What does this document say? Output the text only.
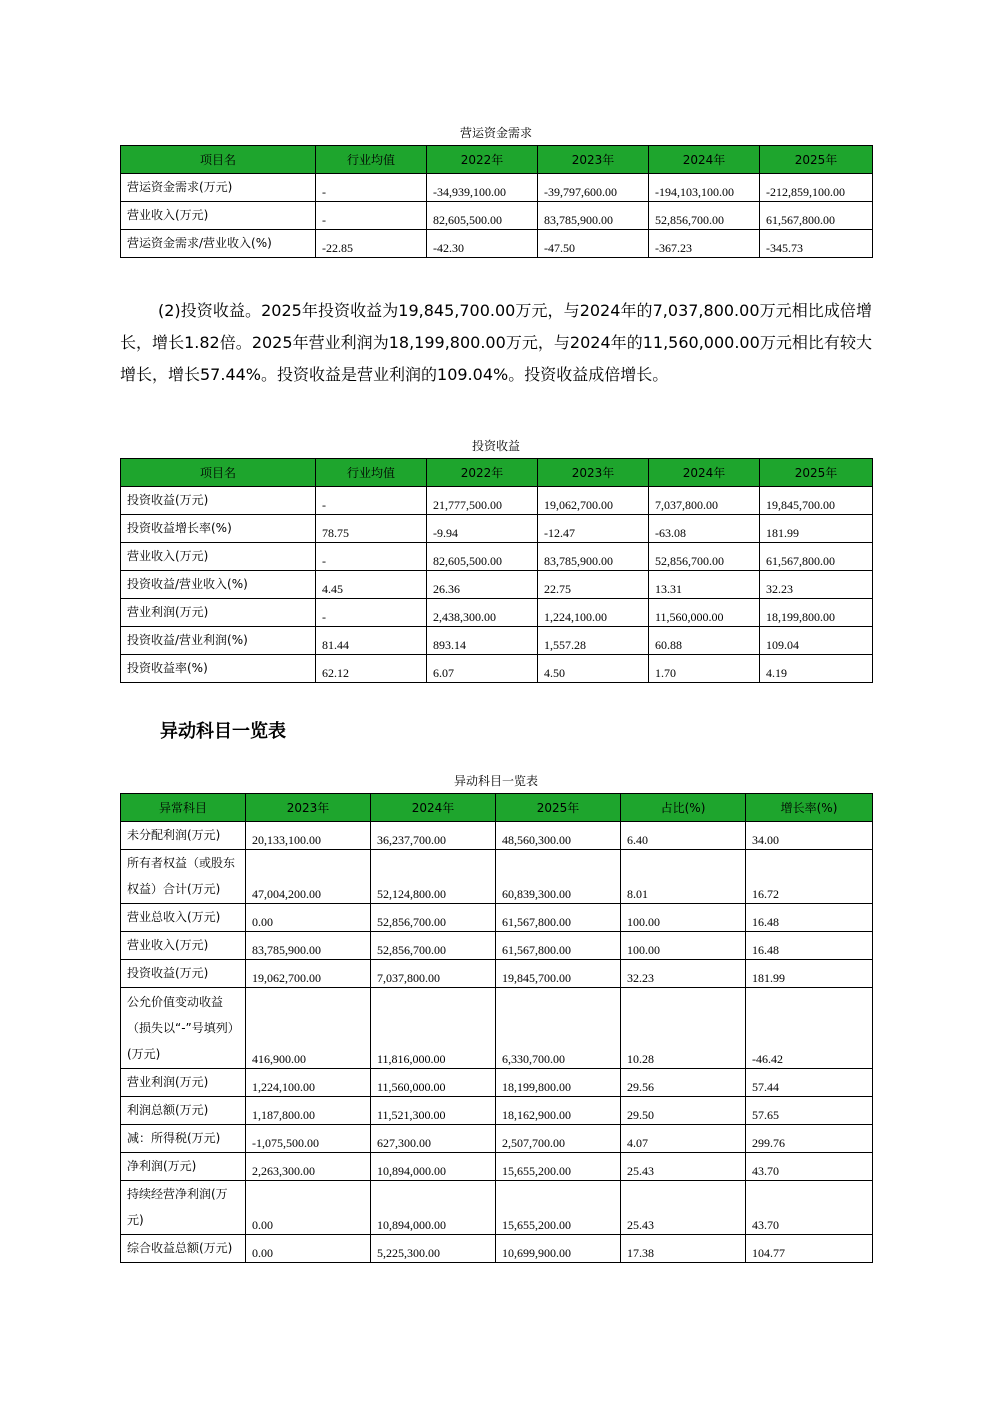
营运资金需求
项目名	行业均值	2022年	2023年	2024年	2025年
营运资金需求(万元)	-	-34,939,100.00	-39,797,600.00	-194,103,100.00	-212,859,100.00
营业收入(万元)	-	82,605,500.00	83,785,900.00	52,856,700.00	61,567,800.00
营运资金需求/营业收入(%)	-22.85	-42.30	-47.50	-367.23	-345.73
(2)投资收益。2025年投资收益为19,845,700.00万元，与2024年的7,037,800.00万元相比成倍增长，增长1.82倍。2025年营业利润为18,199,800.00万元，与2024年的11,560,000.00万元相比有较大增长，增长57.44%。投资收益是营业利润的109.04%。投资收益成倍增长。
投资收益
项目名	行业均值	2022年	2023年	2024年	2025年
投资收益(万元)	-	21,777,500.00	19,062,700.00	7,037,800.00	19,845,700.00
投资收益增长率(%)	78.75	-9.94	-12.47	-63.08	181.99
营业收入(万元)	-	82,605,500.00	83,785,900.00	52,856,700.00	61,567,800.00
投资收益/营业收入(%)	4.45	26.36	22.75	13.31	32.23
营业利润(万元)	-	2,438,300.00	1,224,100.00	11,560,000.00	18,199,800.00
投资收益/营业利润(%)	81.44	893.14	1,557.28	60.88	109.04
投资收益率(%)	62.12	6.07	4.50	1.70	4.19
异动科目一览表
异动科目一览表
异常科目	2023年	2024年	2025年	占比(%)	增长率(%)
未分配利润(万元)	20,133,100.00	36,237,700.00	48,560,300.00	6.40	34.00
所有者权益（或股东权益）合计(万元)	47,004,200.00	52,124,800.00	60,839,300.00	8.01	16.72
营业总收入(万元)	0.00	52,856,700.00	61,567,800.00	100.00	16.48
营业收入(万元)	83,785,900.00	52,856,700.00	61,567,800.00	100.00	16.48
投资收益(万元)	19,062,700.00	7,037,800.00	19,845,700.00	32.23	181.99
公允价值变动收益（损失以“-”号填列）(万元)	416,900.00	11,816,000.00	6,330,700.00	10.28	-46.42
营业利润(万元)	1,224,100.00	11,560,000.00	18,199,800.00	29.56	57.44
利润总额(万元)	1,187,800.00	11,521,300.00	18,162,900.00	29.50	57.65
减：所得税(万元)	-1,075,500.00	627,300.00	2,507,700.00	4.07	299.76
净利润(万元)	2,263,300.00	10,894,000.00	15,655,200.00	25.43	43.70
持续经营净利润(万元)	0.00	10,894,000.00	15,655,200.00	25.43	43.70
综合收益总额(万元)	0.00	5,225,300.00	10,699,900.00	17.38	104.77
